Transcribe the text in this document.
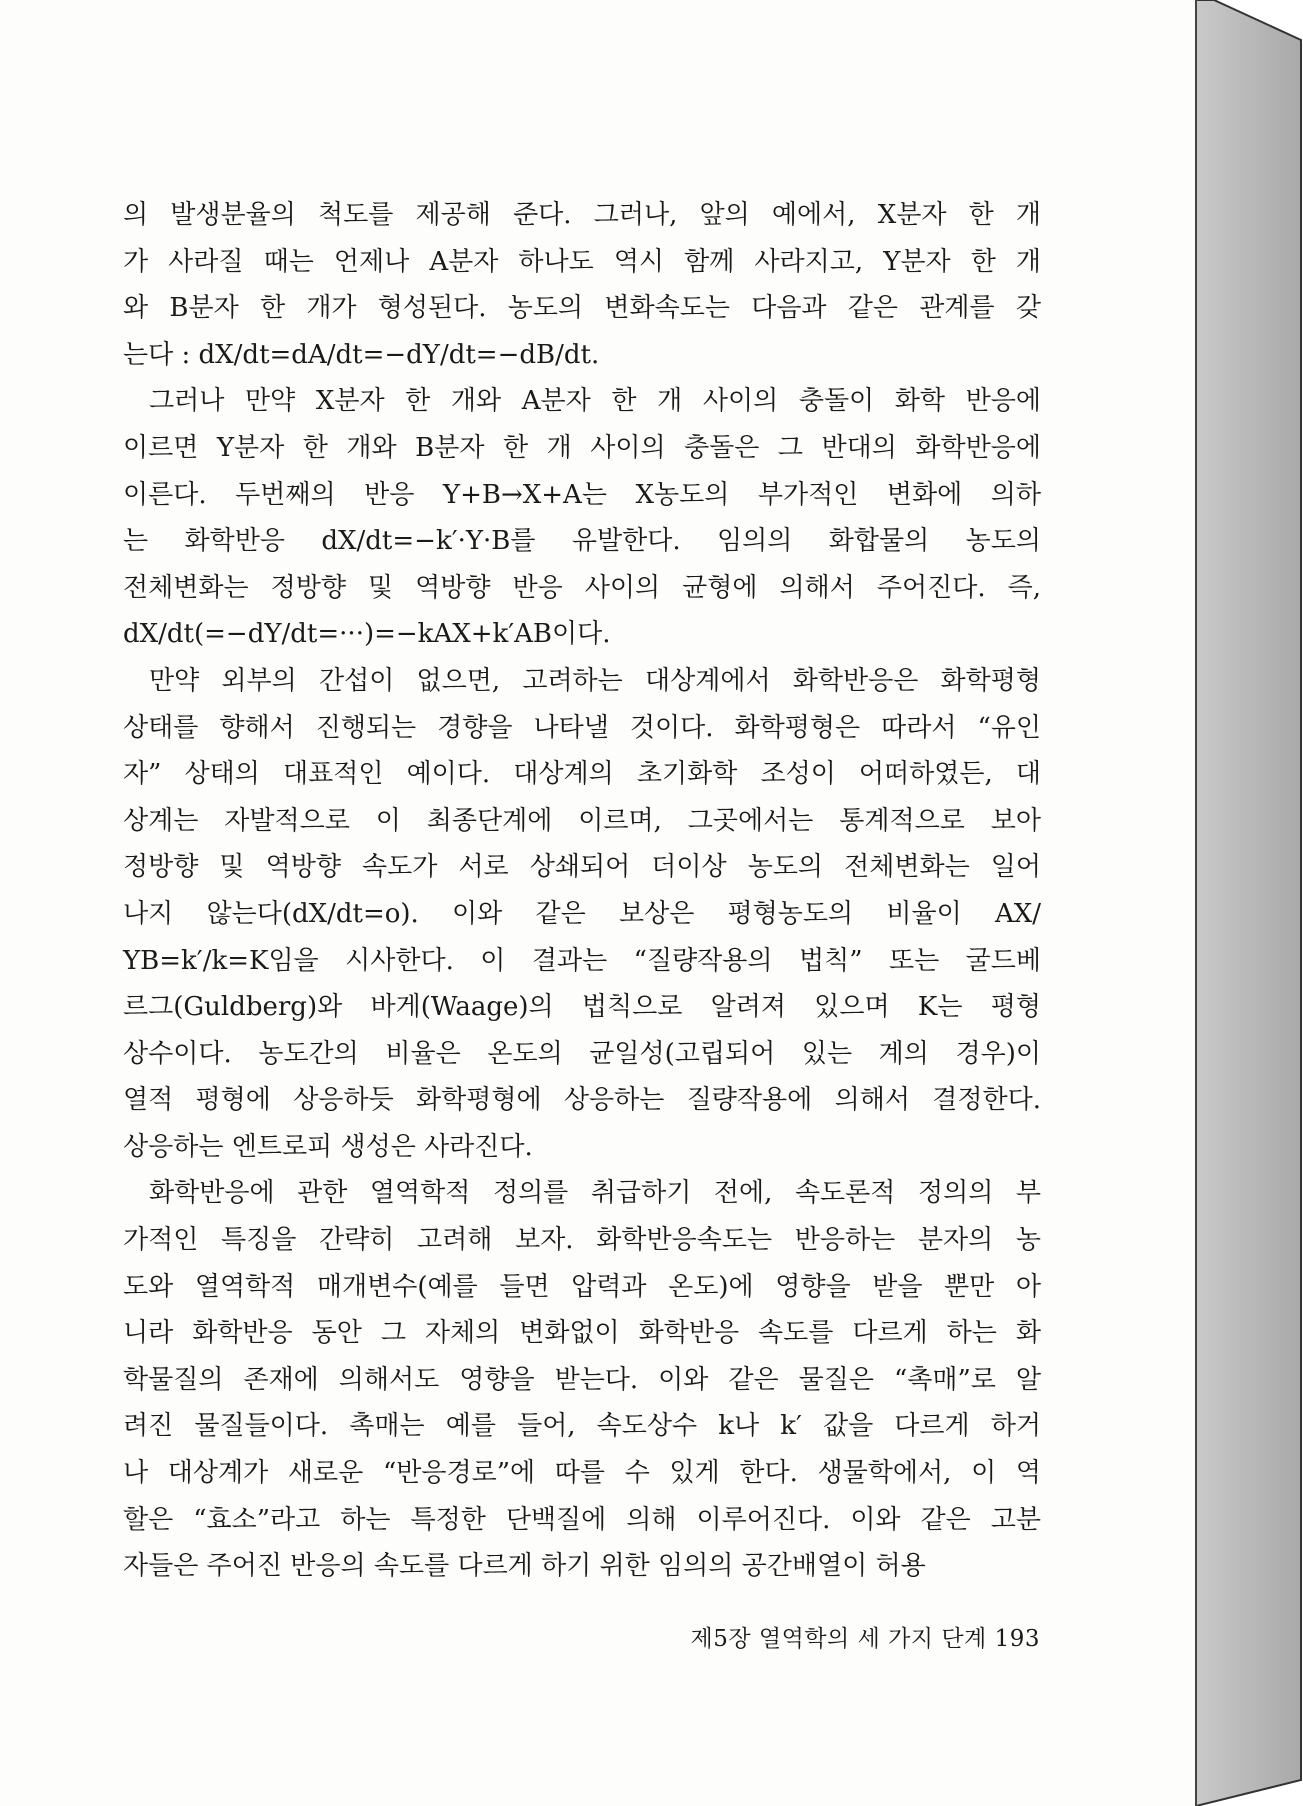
의 발생분율의 척도를 제공해 준다. 그러나, 앞의 예에서, X분자 한 개
가 사라질 때는 언제나 A분자 하나도 역시 함께 사라지고, Y분자 한 개
와 B분자 한 개가 형성된다. 농도의 변화속도는 다음과 같은 관계를 갖
는다 : dX/dt=dA/dt=−dY/dt=−dB/dt.
그러나 만약 X분자 한 개와 A분자 한 개 사이의 충돌이 화학 반응에
이르면 Y분자 한 개와 B분자 한 개 사이의 충돌은 그 반대의 화학반응에
이른다. 두번째의 반응 Y+B→X+A는 X농도의 부가적인 변화에 의하
는 화학반응 dX/dt=−k′·Y·B를 유발한다. 임의의 화합물의 농도의
전체변화는 정방향 및 역방향 반응 사이의 균형에 의해서 주어진다. 즉,
dX/dt(=−dY/dt=···)=−kAX+k′AB이다.
만약 외부의 간섭이 없으면, 고려하는 대상계에서 화학반응은 화학평형
상태를 향해서 진행되는 경향을 나타낼 것이다. 화학평형은 따라서 “유인
자” 상태의 대표적인 예이다. 대상계의 초기화학 조성이 어떠하였든, 대
상계는 자발적으로 이 최종단계에 이르며, 그곳에서는 통계적으로 보아
정방향 및 역방향 속도가 서로 상쇄되어 더이상 농도의 전체변화는 일어
나지 않는다(dX/dt=o). 이와 같은 보상은 평형농도의 비율이 AX/
YB=k′/k=K임을 시사한다. 이 결과는 “질량작용의 법칙” 또는 굴드베
르그(Guldberg)와 바게(Waage)의 법칙으로 알려져 있으며 K는 평형
상수이다. 농도간의 비율은 온도의 균일성(고립되어 있는 계의 경우)이
열적 평형에 상응하듯 화학평형에 상응하는 질량작용에 의해서 결정한다.
상응하는 엔트로피 생성은 사라진다.
화학반응에 관한 열역학적 정의를 취급하기 전에, 속도론적 정의의 부
가적인 특징을 간략히 고려해 보자. 화학반응속도는 반응하는 분자의 농
도와 열역학적 매개변수(예를 들면 압력과 온도)에 영향을 받을 뿐만 아
니라 화학반응 동안 그 자체의 변화없이 화학반응 속도를 다르게 하는 화
학물질의 존재에 의해서도 영향을 받는다. 이와 같은 물질은 “촉매”로 알
려진 물질들이다. 촉매는 예를 들어, 속도상수 k나 k′ 값을 다르게 하거
나 대상계가 새로운 “반응경로”에 따를 수 있게 한다. 생물학에서, 이 역
할은 “효소”라고 하는 특정한 단백질에 의해 이루어진다. 이와 같은 고분
자들은 주어진 반응의 속도를 다르게 하기 위한 임의의 공간배열이 허용
제5장 열역학의 세 가지 단계 193
